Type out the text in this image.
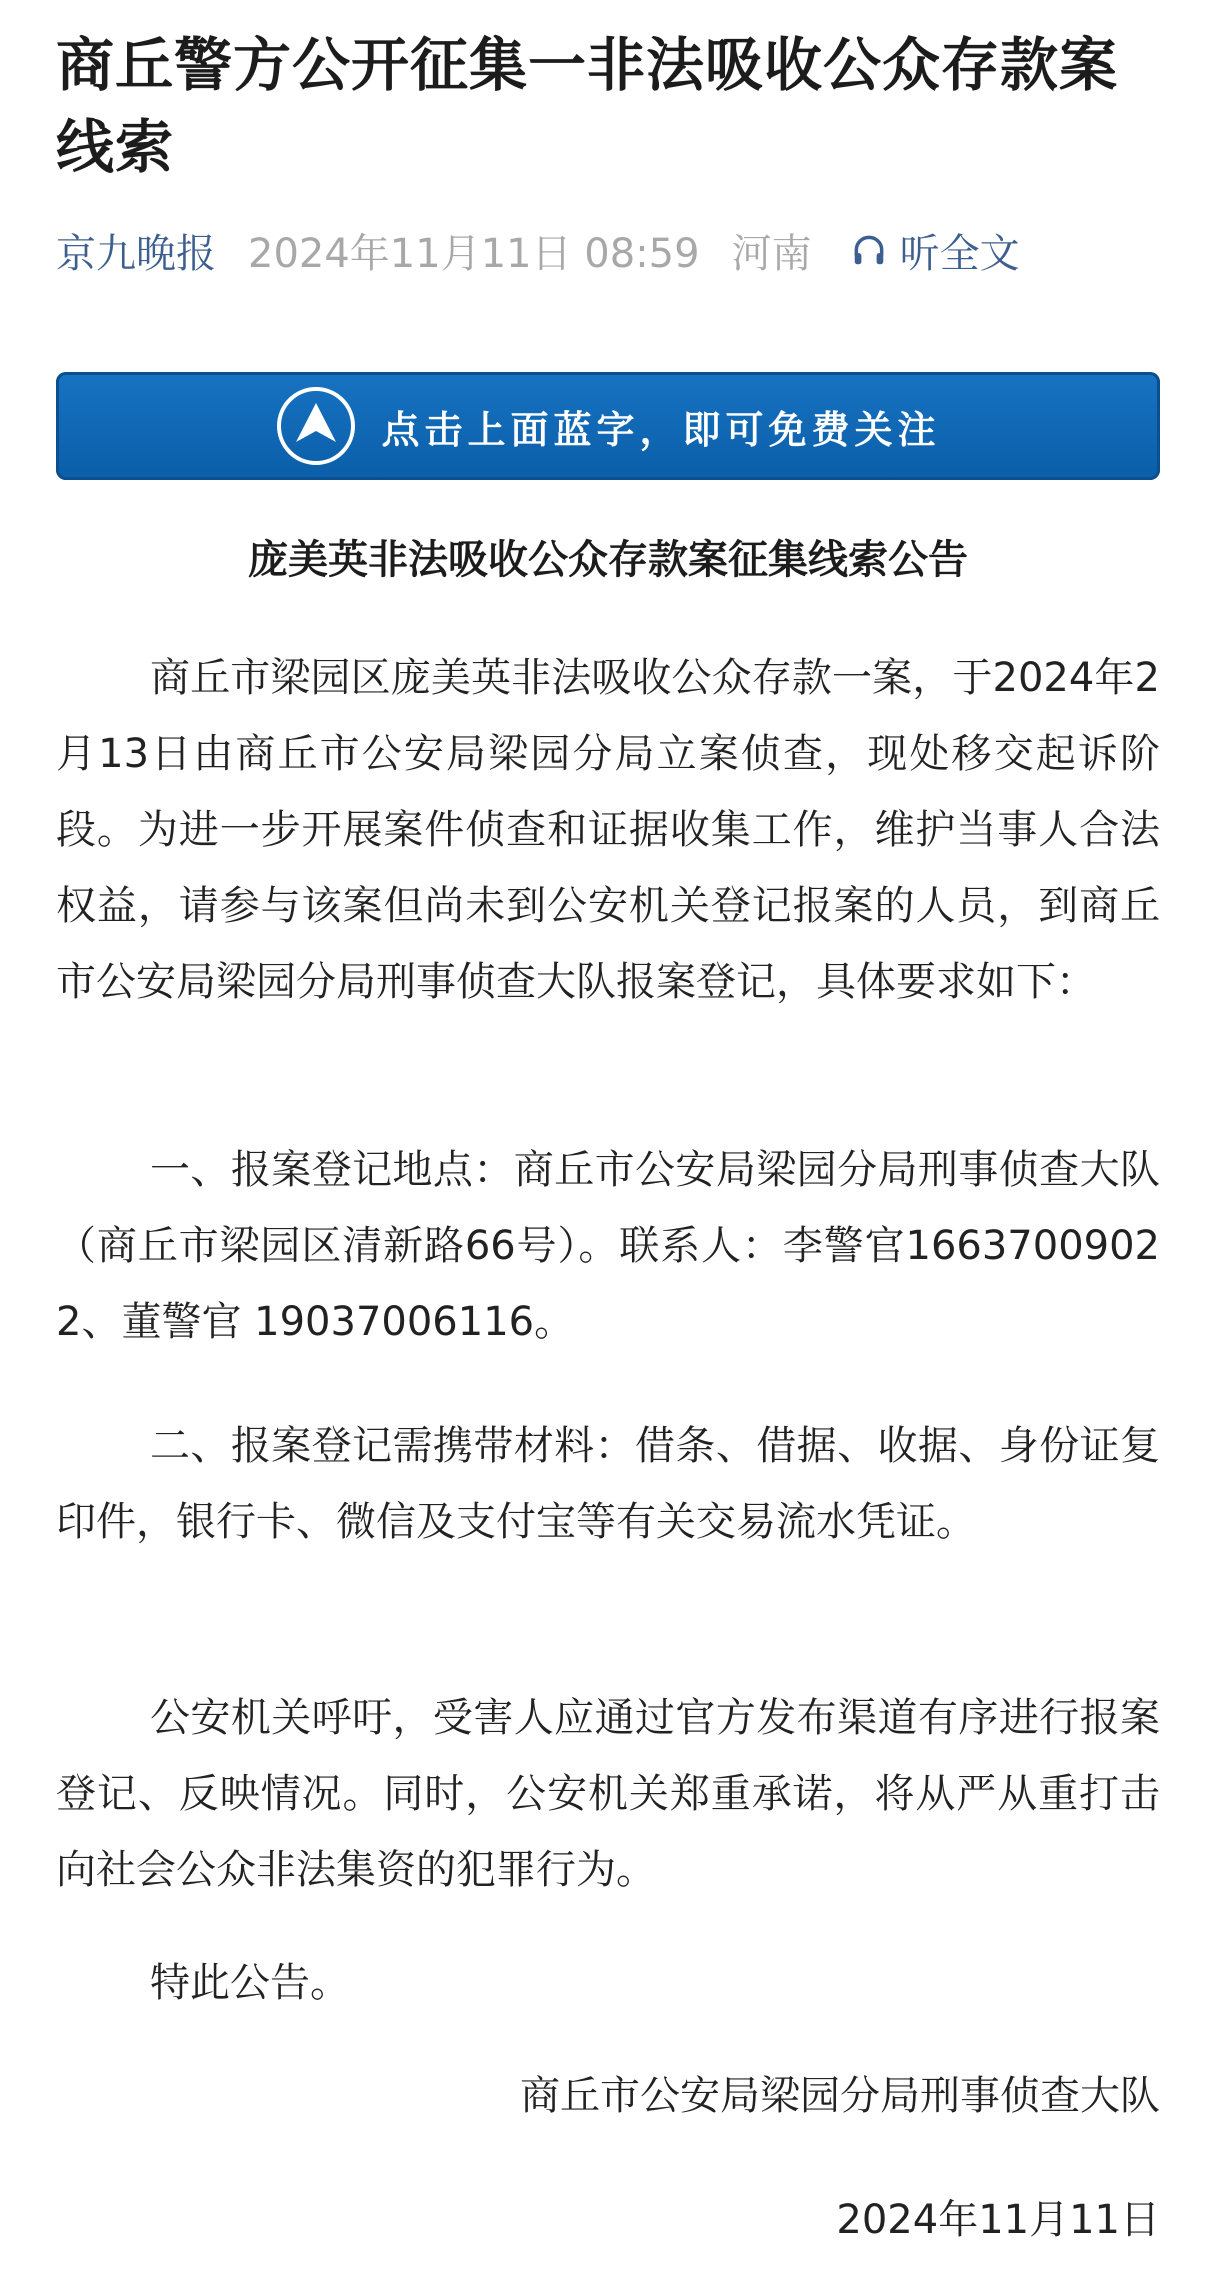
商丘警方公开征集一非法吸收公众存款案线索
京九晚报 2024年11月11日 08:59 河南 听全文
点击上面蓝字，即可免费关注
庞美英非法吸收公众存款案征集线索公告

商丘市梁园区庞美英非法吸收公众存款一案，于2024年2月13日由商丘市公安局梁园分局立案侦查，现处移交起诉阶段。为进一步开展案件侦查和证据收集工作，维护当事人合法权益，请参与该案但尚未到公安机关登记报案的人员，到商丘市公安局梁园分局刑事侦查大队报案登记，具体要求如下：

一、报案登记地点：商丘市公安局梁园分局刑事侦查大队（商丘市梁园区清新路66号）。联系人：李警官16637009022、董警官 19037006116。

二、报案登记需携带材料：借条、借据、收据、身份证复印件，银行卡、微信及支付宝等有关交易流水凭证。

公安机关呼吁，受害人应通过官方发布渠道有序进行报案登记、反映情况。同时，公安机关郑重承诺，将从严从重打击向社会公众非法集资的犯罪行为。

特此公告。

商丘市公安局梁园分局刑事侦查大队

2024年11月11日
